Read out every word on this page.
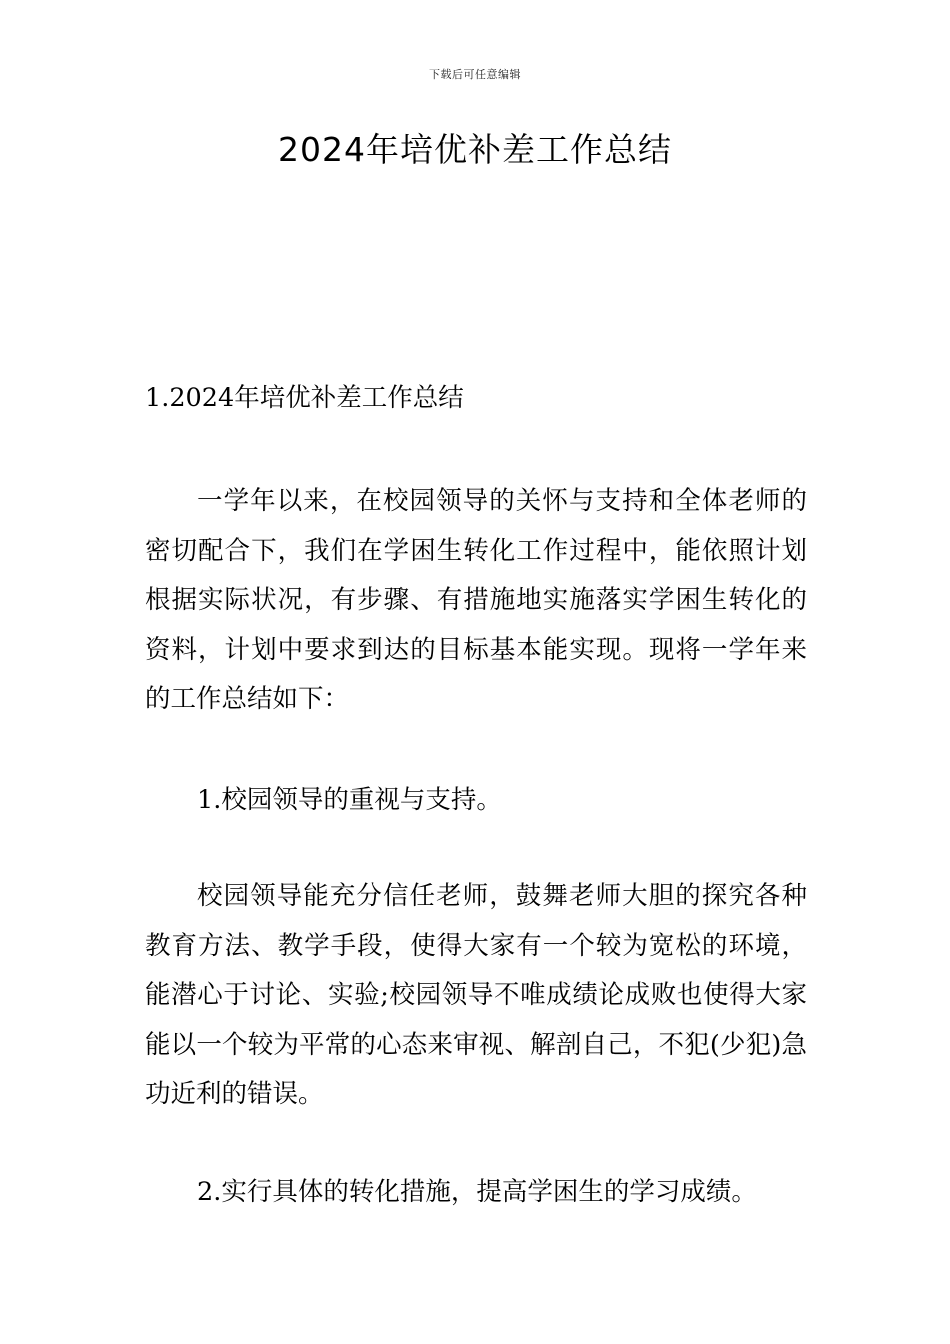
下载后可任意编辑
2024年培优补差工作总结

1.2024年培优补差工作总结

一学年以来，在校园领导的关怀与支持和全体老师的密切配合下，我们在学困生转化工作过程中，能依照计划根据实际状况，有步骤、有措施地实施落实学困生转化的资料，计划中要求到达的目标基本能实现。现将一学年来的工作总结如下：

1.校园领导的重视与支持。

校园领导能充分信任老师，鼓舞老师大胆的探究各种教育方法、教学手段，使得大家有一个较为宽松的环境，能潜心于讨论、实验;校园领导不唯成绩论成败也使得大家能以一个较为平常的心态来审视、解剖自己，不犯(少犯)急功近利的错误。

2.实行具体的转化措施，提高学困生的学习成绩。
